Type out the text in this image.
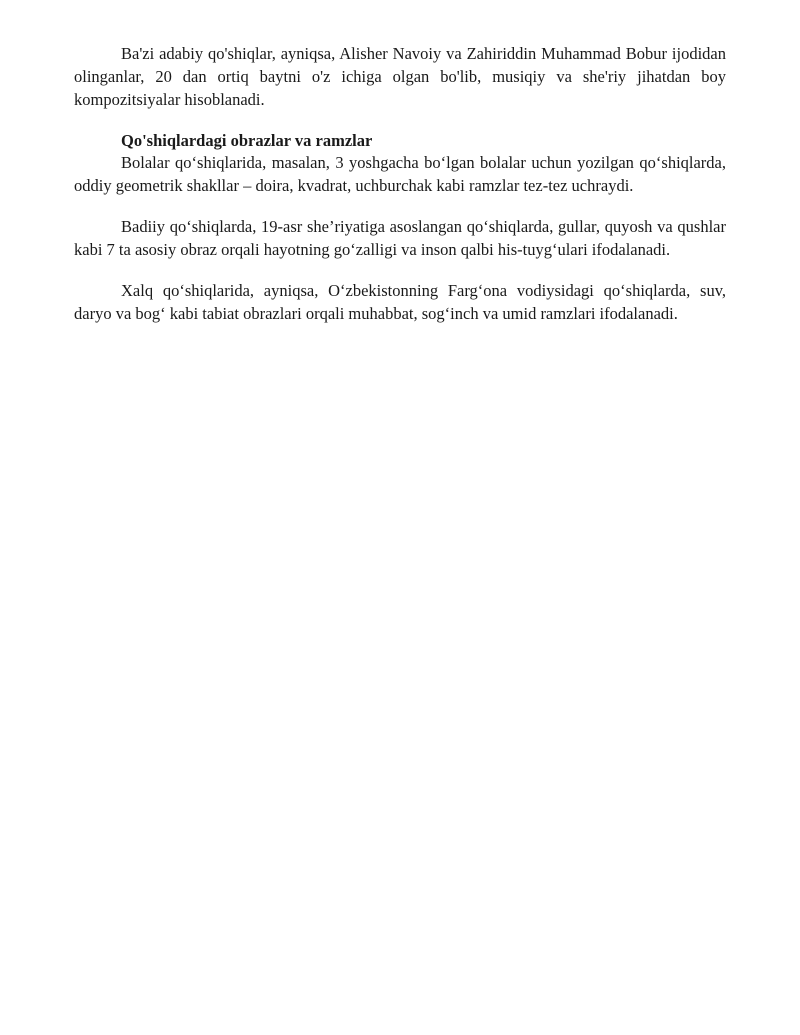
Ba'zi adabiy qo'shiqlar, ayniqsa, Alisher Navoiy va Zahiriddin Muhammad Bobur ijodidan olinganlar, 20 dan ortiq baytni o'z ichiga olgan bo'lib, musiqiy va she'riy jihatdan boy kompozitsiyalar hisoblanadi.

Qo'shiqlardagi obrazlar va ramzlar

Bolalar qo‘shiqlarida, masalan, 3 yoshgacha bo‘lgan bolalar uchun yozilgan qo‘shiqlarda, oddiy geometrik shakllar – doira, kvadrat, uchburchak kabi ramzlar tez-tez uchraydi.

Badiiy qo‘shiqlarda, 19-asr she’riyatiga asoslangan qo‘shiqlarda, gullar, quyosh va qushlar kabi 7 ta asosiy obraz orqali hayotning go‘zalligi va inson qalbi his-tuyg‘ulari ifodalanadi.

Xalq qo‘shiqlarida, ayniqsa, O‘zbekistonning Farg‘ona vodiysidagi qo‘shiqlarda, suv, daryo va bog‘ kabi tabiat obrazlari orqali muhabbat, sog‘inch va umid ramzlari ifodalanadi.
